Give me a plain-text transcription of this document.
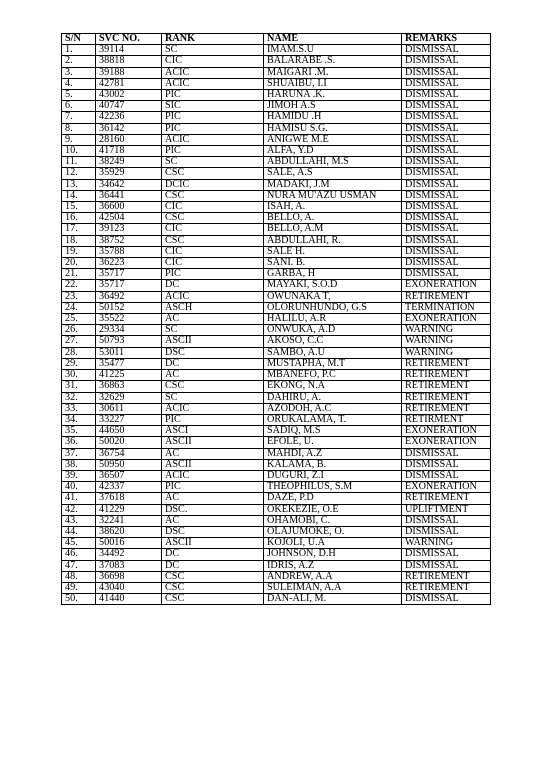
S/N	SVC NO.	RANK	NAME	REMARKS
1.	39114	SC	IMAM.S.U	DISMISSAL
2.	38818	CIC	BALARABE .S.	DISMISSAL
3.	39188	ACIC	MAIGARI .M.	DISMISSAL
4.	42781	ACIC	SHUAIBU, I.I	DISMISSAL
5.	43002	PIC	HARUNA .K.	DISMISSAL
6.	40747	SIC	JIMOH A.S	DISMISSAL
7.	42236	PIC	HAMIDU .H	DISMISSAL
8.	36142	PIC	HAMISU S.G.	DISMISSAL
9.	28160	ACIC	ANIGWE M.E	DISMISSAL
10.	41718	PIC	ALFA, Y.D	DISMISSAL
11.	38249	SC	ABDULLAHI, M.S	DISMISSAL
12.	35929	CSC	SALE, A.S	DISMISSAL
13.	34642	DCIC	MADAKI, J.M	DISMISSAL
14.	36441	CSC	NURA MU'AZU USMAN	DISMISSAL
15.	36600	CIC	ISAH, A.	DISMISSAL
16.	42504	CSC	BELLO, A.	DISMISSAL
17.	39123	CIC	BELLO, A.M	DISMISSAL
18.	38752	CSC	ABDULLAHI, R.	DISMISSAL
19.	35788	CIC	SALE H.	DISMISSAL
20.	36223	CIC	SANI. B.	DISMISSAL
21.	35717	PIC	GARBA, H	DISMISSAL
22.	35717	DC	MAYAKI, S.O.D	EXONERATION
23.	36492	ACIC	OWUNAKA T,	RETIREMENT
24.	50152	ASCH	OLORUNHUNDO, G.S	TERMINATION
25.	35522	AC	HALILU, A.R	EXONERATION
26.	29334	SC	ONWUKA, A.D	WARNING
27.	50793	ASCII	AKOSO, C.C	WARNING
28.	53011	DSC	SAMBO, A.U	WARNING
29.	35477	DC	MUSTAPHA, M.T	RETIREMENT
30.	41225	AC	MBANEFO, P.C	RETIREMENT
31.	36863	CSC	EKONG, N.A	RETIREMENT
32.	32629	SC	DAHIRU, A.	RETIREMENT
33.	30611	ACIC	AZODOH, A.C	RETIREMENT
34.	33227	PIC	ORUKALAMA, T.	RETIRMENT
35.	44650	ASCI	SADIQ, M.S	EXONERATION
36.	50020	ASCII	EFOLE, U.	EXONERATION
37.	36754	AC	MAHDI, A.Z	DISMISSAL
38.	50950	ASCII	KALAMA, B.	DISMISSAL
39.	36507	ACIC	DUGURI, Z.I	DISMISSAL
40.	42337	PIC	THEOPHILUS, S.M	EXONERATION
41.	37618	AC	DAZE, P.D	RETIREMENT
42.	41229	DSC.	OKEKEZIE, O.E	UPLIFTMENT
43.	32241	AC	OHAMOBI, C.	DISMISSAL
44.	38620	DSC	OLAJUMOKE, O.	DISMISSAL
45.	50016	ASCII	KOJOLI, U.A	WARNING
46.	34492	DC	JOHNSON, D.H	DISMISSAL
47.	37083	DC	IDRIS, A.Z	DISMISSAL
48.	36698	CSC	ANDREW, A.A	RETIREMENT
49.	43040	CSC	SULEIMAN, A.A	RETIREMENT
50.	41440	CSC	DAN-ALI, M.	DISMISSAL
